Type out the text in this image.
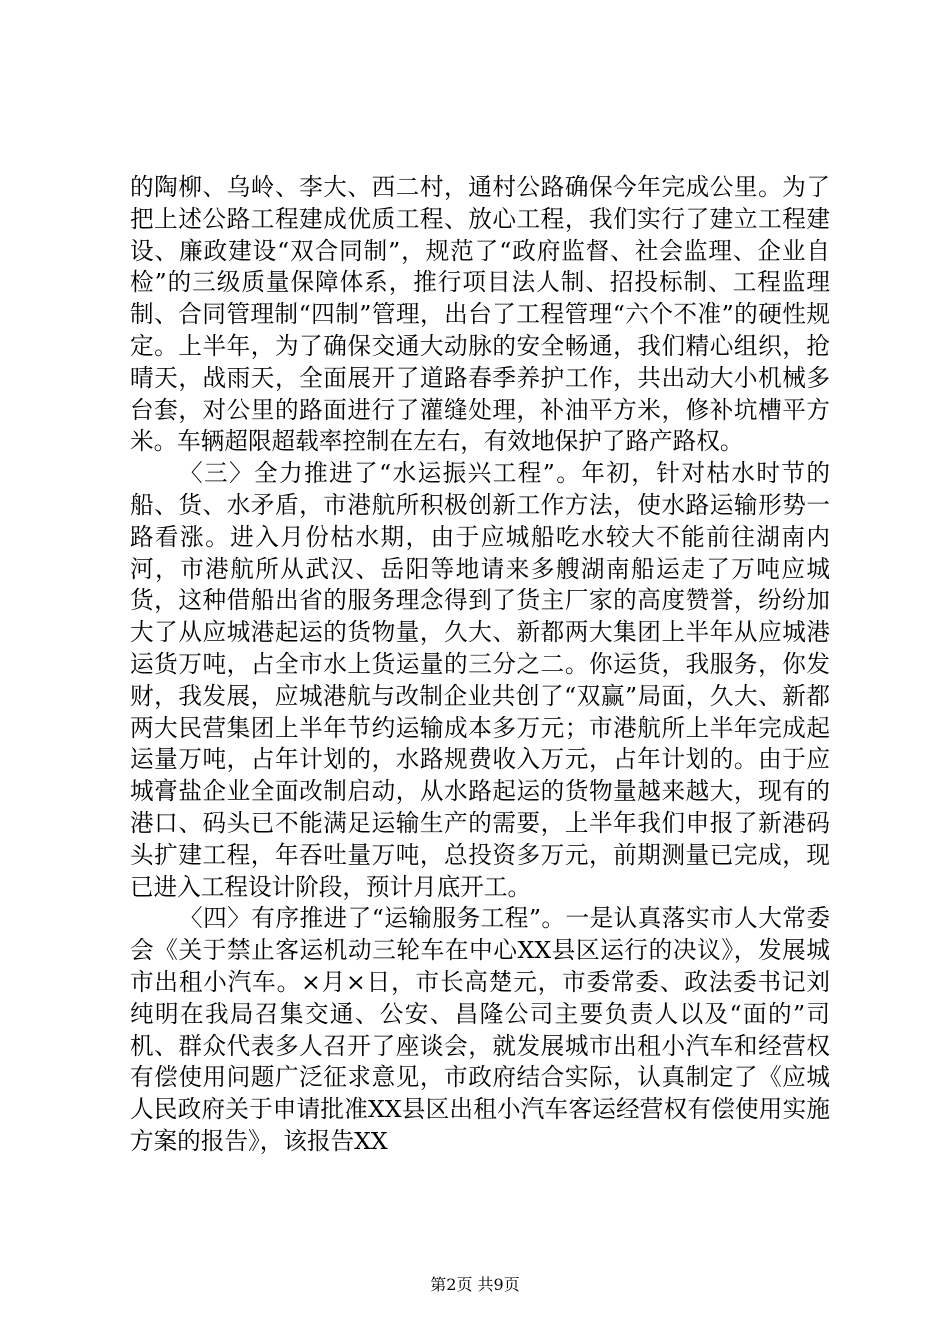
的陶柳、乌岭、李大、西二村，通村公路确保今年完成公里。为了把上述公路工程建成优质工程、放心工程，我们实行了建立工程建设、廉政建设“双合同制”，规范了“政府监督、社会监理、企业自检”的三级质量保障体系，推行项目法人制、招投标制、工程监理制、合同管理制“四制”管理，出台了工程管理“六个不准”的硬性规定。上半年，为了确保交通大动脉的安全畅通，我们精心组织，抢晴天，战雨天，全面展开了道路春季养护工作，共出动大小机械多台套，对公里的路面进行了灌缝处理，补油平方米，修补坑槽平方米。车辆超限超载率控制在左右，有效地保护了路产路权。

〈三〉全力推进了“水运振兴工程”。年初，针对枯水时节的船、货、水矛盾，市港航所积极创新工作方法，使水路运输形势一路看涨。进入月份枯水期，由于应城船吃水较大不能前往湖南内河，市港航所从武汉、岳阳等地请来多艘湖南船运走了万吨应城货，这种借船出省的服务理念得到了货主厂家的高度赞誉，纷纷加大了从应城港起运的货物量，久大、新都两大集团上半年从应城港运货万吨，占全市水上货运量的三分之二。你运货，我服务，你发财，我发展，应城港航与改制企业共创了“双赢”局面，久大、新都两大民营集团上半年节约运输成本多万元；市港航所上半年完成起运量万吨，占年计划的，水路规费收入万元，占年计划的。由于应城膏盐企业全面改制启动，从水路起运的货物量越来越大，现有的港口、码头已不能满足运输生产的需要，上半年我们申报了新港码头扩建工程，年吞吐量万吨，总投资多万元，前期测量已完成，现已进入工程设计阶段，预计月底开工。

〈四〉有序推进了“运输服务工程”。一是认真落实市人大常委会《关于禁止客运机动三轮车在中心XX县区运行的决议》，发展城市出租小汽车。×月×日，市长高楚元，市委常委、政法委书记刘纯明在我局召集交通、公安、昌隆公司主要负责人以及“面的”司机、群众代表多人召开了座谈会，就发展城市出租小汽车和经营权有偿使用问题广泛征求意见，市政府结合实际，认真制定了《应城人民政府关于申请批准XX县区出租小汽车客运经营权有偿使用实施方案的报告》，该报告XX

第2页 共9页
